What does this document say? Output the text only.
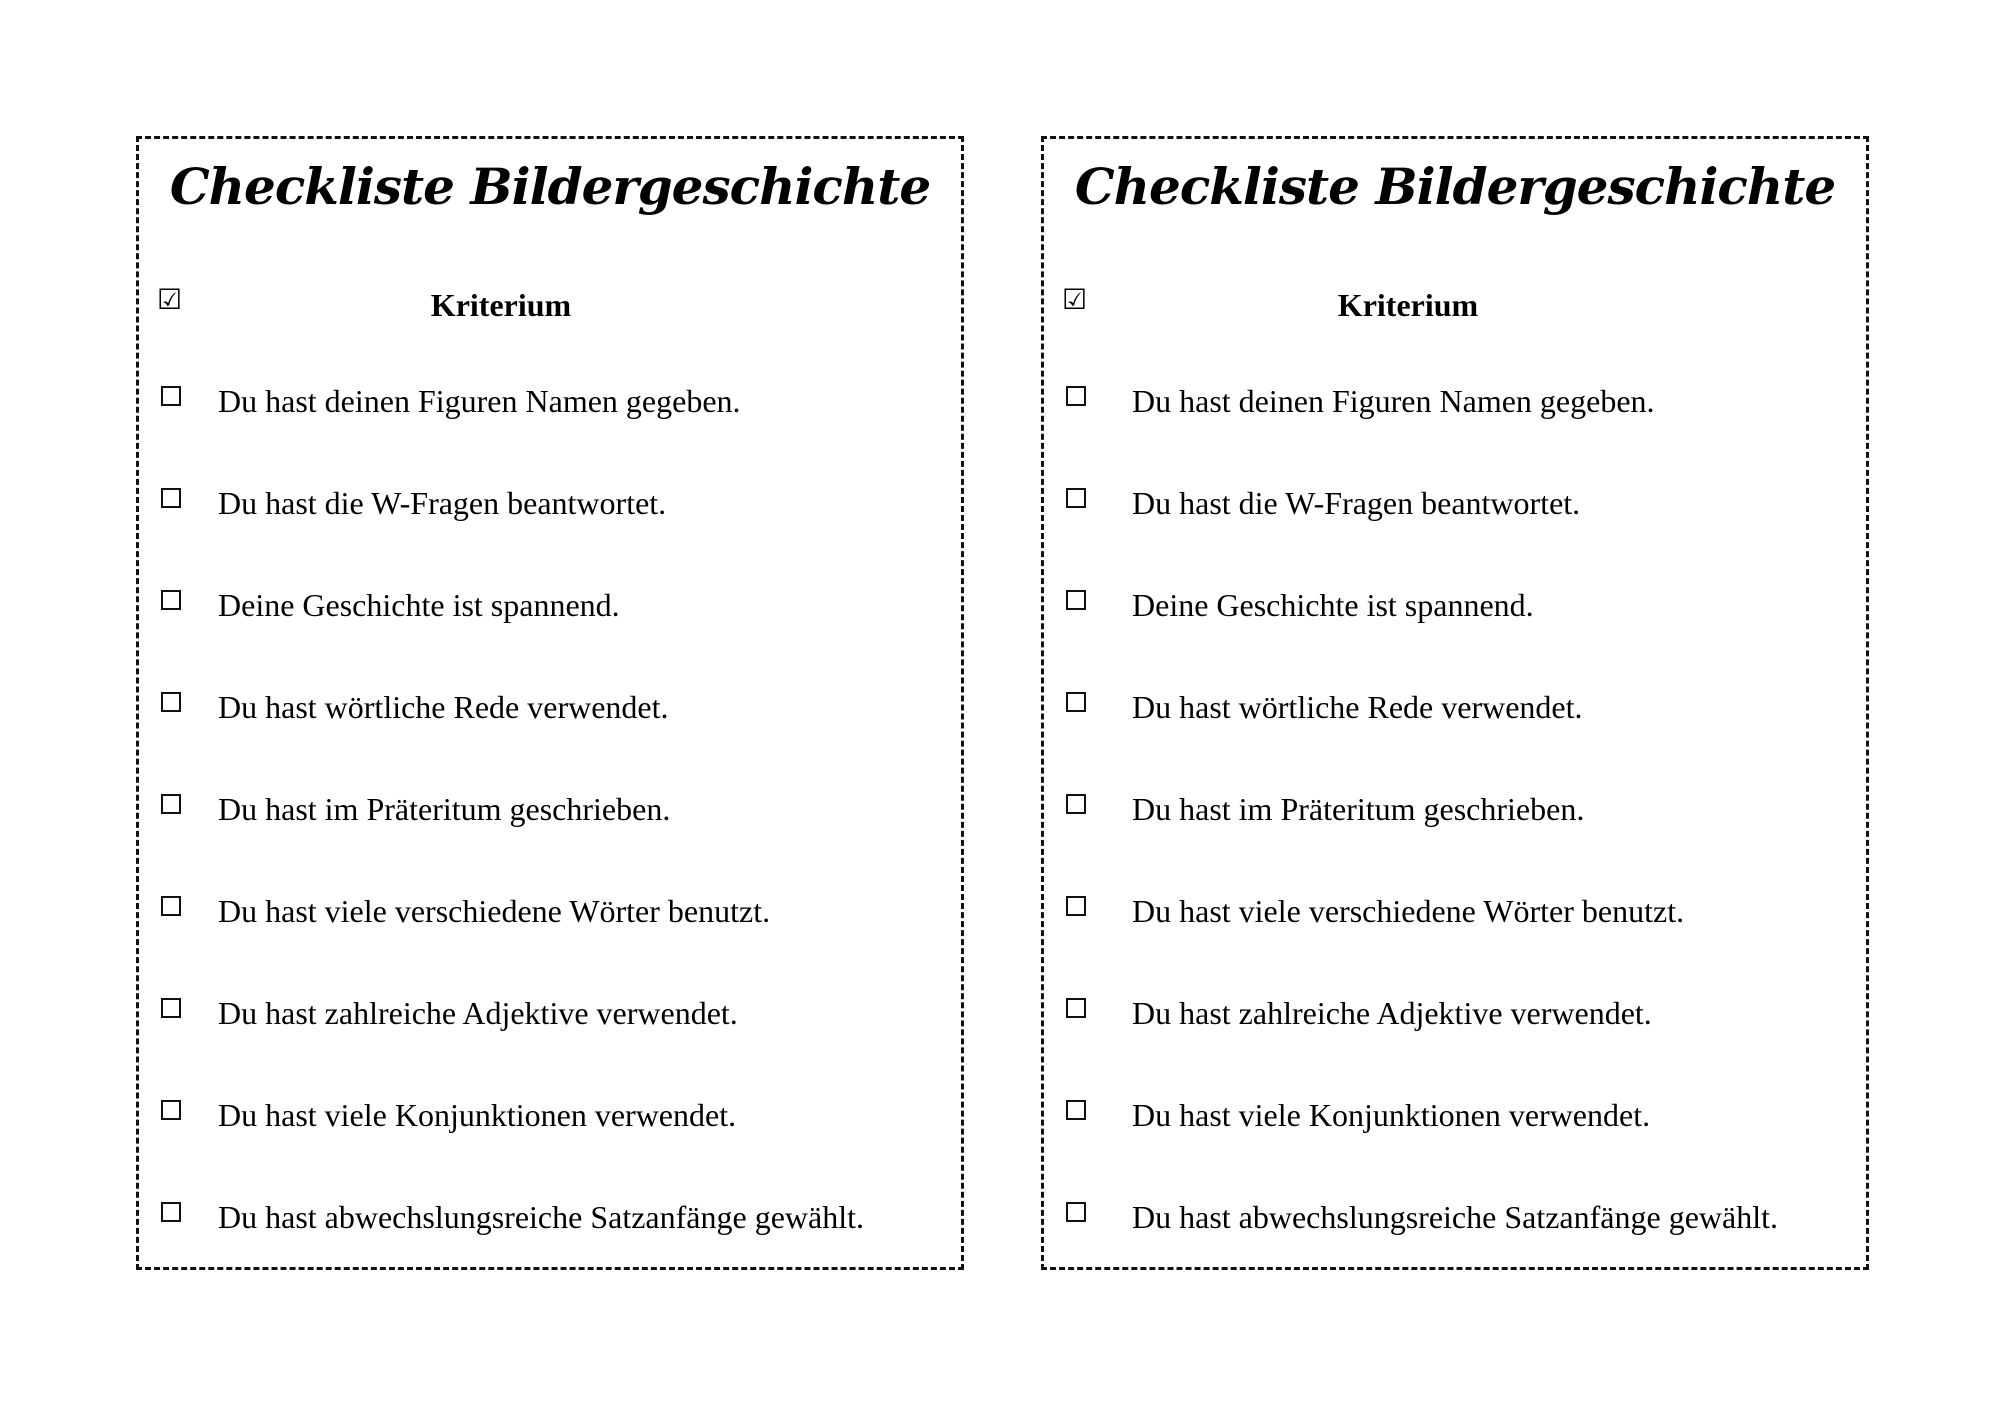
Checkliste Bildergeschichte
☑	Kriterium
Du hast deinen Figuren Namen gegeben.
Du hast die W-Fragen beantwortet.
Deine Geschichte ist spannend.
Du hast wörtliche Rede verwendet.
Du hast im Präteritum geschrieben.
Du hast viele verschiedene Wörter benutzt.
Du hast zahlreiche Adjektive verwendet.
Du hast viele Konjunktionen verwendet.
Du hast abwechslungsreiche Satzanfänge gewählt.
Checkliste Bildergeschichte
☑	Kriterium
Du hast deinen Figuren Namen gegeben.
Du hast die W-Fragen beantwortet.
Deine Geschichte ist spannend.
Du hast wörtliche Rede verwendet.
Du hast im Präteritum geschrieben.
Du hast viele verschiedene Wörter benutzt.
Du hast zahlreiche Adjektive verwendet.
Du hast viele Konjunktionen verwendet.
Du hast abwechslungsreiche Satzanfänge gewählt.
